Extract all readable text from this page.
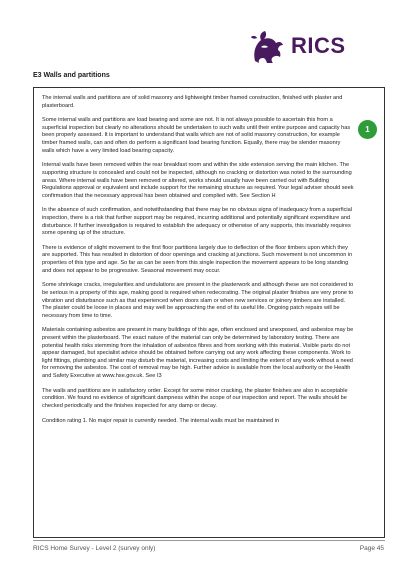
RICS
E3 Walls and partitions

The internal walls and partitions are of solid masonry and lightweight timber framed construction, finished with plaster and plasterboard.

Some internal walls and partitions are load bearing and some are not. It is not always possible to ascertain this from a superficial inspection but clearly no alterations should be undertaken to such walls until their entire purpose and capacity has been properly assessed. It is important to understand that walls which are not of solid masonry construction, for example timber framed walls, can and often do perform a significant load bearing function. Equally, there may be slender masonry walls which have a very limited load bearing capacity.

Internal walls have been removed within the rear breakfast room and within the side extension serving the main kitchen. The supporting structure is concealed and could not be inspected, although no cracking or distortion was noted to the surrounding areas. Where internal walls have been removed or altered, works should usually have been carried out with Building Regulations approval or equivalent and include support for the remaining structure as required. Your legal adviser should seek confirmation that the necessary approval has been obtained and complied with. See Section H

In the absence of such confirmation, and notwithstanding that there may be no obvious signs of inadequacy from a superficial inspection, there is a risk that further support may be required, incurring additional and potentially significant expenditure and disturbance. If further investigation is required to establish the adequacy or otherwise of any supports, this invariably requires some opening up of the structure.

There is evidence of slight movement to the first floor partitions largely due to deflection of the floor timbers upon which they are supported. This has resulted in distortion of door openings and cracking at junctions. Such movement is not uncommon in properties of this type and age. So far as can be seen from this single inspection the movement appears to be long standing and does not appear to be progressive. Seasonal movement may occur.

Some shrinkage cracks, irregularities and undulations are present in the plasterwork and although these are not considered to be serious in a property of this age, making good is required when redecorating. The original plaster finishes are very prone to vibration and disturbance such as that experienced when doors slam or when new services or joinery timbers are installed. The plaster could be loose in places and may well be approaching the end of its useful life. Ongoing patch repairs will be necessary from time to time.

Materials containing asbestos are present in many buildings of this age, often enclosed and unexposed, and asbestos may be present within the plasterboard. The exact nature of the material can only be determined by laboratory testing. There are potential health risks stemming from the inhalation of asbestos fibres and from working with this material. Visible parts do not appear damaged, but specialist advice should be obtained before carrying out any work affecting these components. Work to light fittings, plumbing and similar may disturb the material, increasing costs and limiting the extent of any work without a need for removing the asbestos. The cost of removal may be high. Further advice is available from the local authority or the Health and Safety Executive at www.hse.gov.uk. See I3

The walls and partitions are in satisfactory order. Except for some minor cracking, the plaster finishes are also in acceptable condition. We found no evidence of significant dampness within the scope of our inspection and report. The walls should be checked periodically and the finishes inspected for any damp or decay.

Condition rating 1. No major repair is currently needed. The internal walls must be maintained in

1
RICS Home Survey - Level 2 (survey only)	Page 45
